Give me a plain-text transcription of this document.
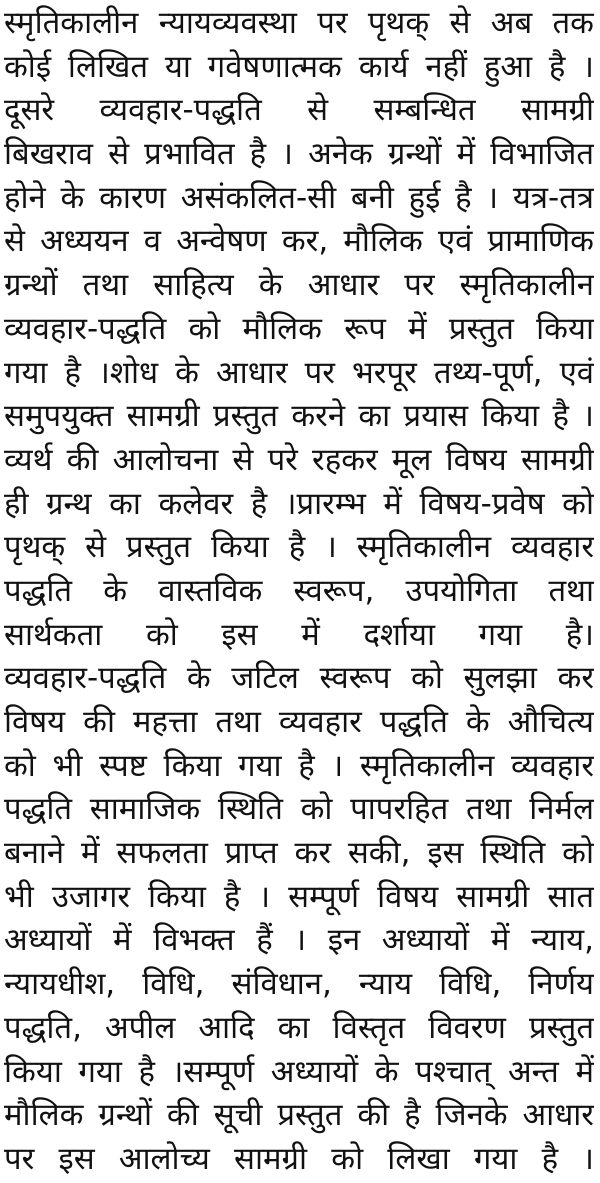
स्मृतिकालीन न्यायव्यवस्था पर पृथक् से अब तक
कोई लिखित या गवेषणात्मक कार्य नहीं हुआ है ।
दूसरे व्यवहार-पद्धति से सम्बन्धित सामग्री
बिखराव से प्रभावित है । अनेक ग्रन्थों में विभाजित
होने के कारण असंकलित-सी बनी हुई है । यत्र-तत्र
से अध्ययन व अन्वेषण कर, मौलिक एवं प्रामाणिक
ग्रन्थों तथा साहित्य के आधार पर स्मृतिकालीन
व्यवहार-पद्धति को मौलिक रूप में प्रस्तुत किया
गया है ।शोध के आधार पर भरपूर तथ्य-पूर्ण, एवं
समुपयुक्त सामग्री प्रस्तुत करने का प्रयास किया है ।
व्यर्थ की आलोचना से परे रहकर मूल विषय सामग्री
ही ग्रन्थ का कलेवर है ।प्रारम्भ में विषय-प्रवेष को
पृथक् से प्रस्तुत किया है । स्मृतिकालीन व्यवहार
पद्धति के वास्तविक स्वरूप, उपयोगिता तथा
सार्थकता को इस में दर्शाया गया है।
व्यवहार-पद्धति के जटिल स्वरूप को सुलझा कर
विषय की महत्ता तथा व्यवहार पद्धति के औचित्य
को भी स्पष्ट किया गया है । स्मृतिकालीन व्यवहार
पद्धति सामाजिक स्थिति को पापरहित तथा निर्मल
बनाने में सफलता प्राप्त कर सकी, इस स्थिति को
भी उजागर किया है । सम्पूर्ण विषय सामग्री सात
अध्यायों में विभक्त हैं । इन अध्यायों में न्याय,
न्यायधीश, विधि, संविधान, न्याय विधि, निर्णय
पद्धति, अपील आदि का विस्तृत विवरण प्रस्तुत
किया गया है ।सम्पूर्ण अध्यायों के पश्चात् अन्त में
मौलिक ग्रन्थों की सूची प्रस्तुत की है जिनके आधार
पर इस आलोच्य सामग्री को लिखा गया है ।
